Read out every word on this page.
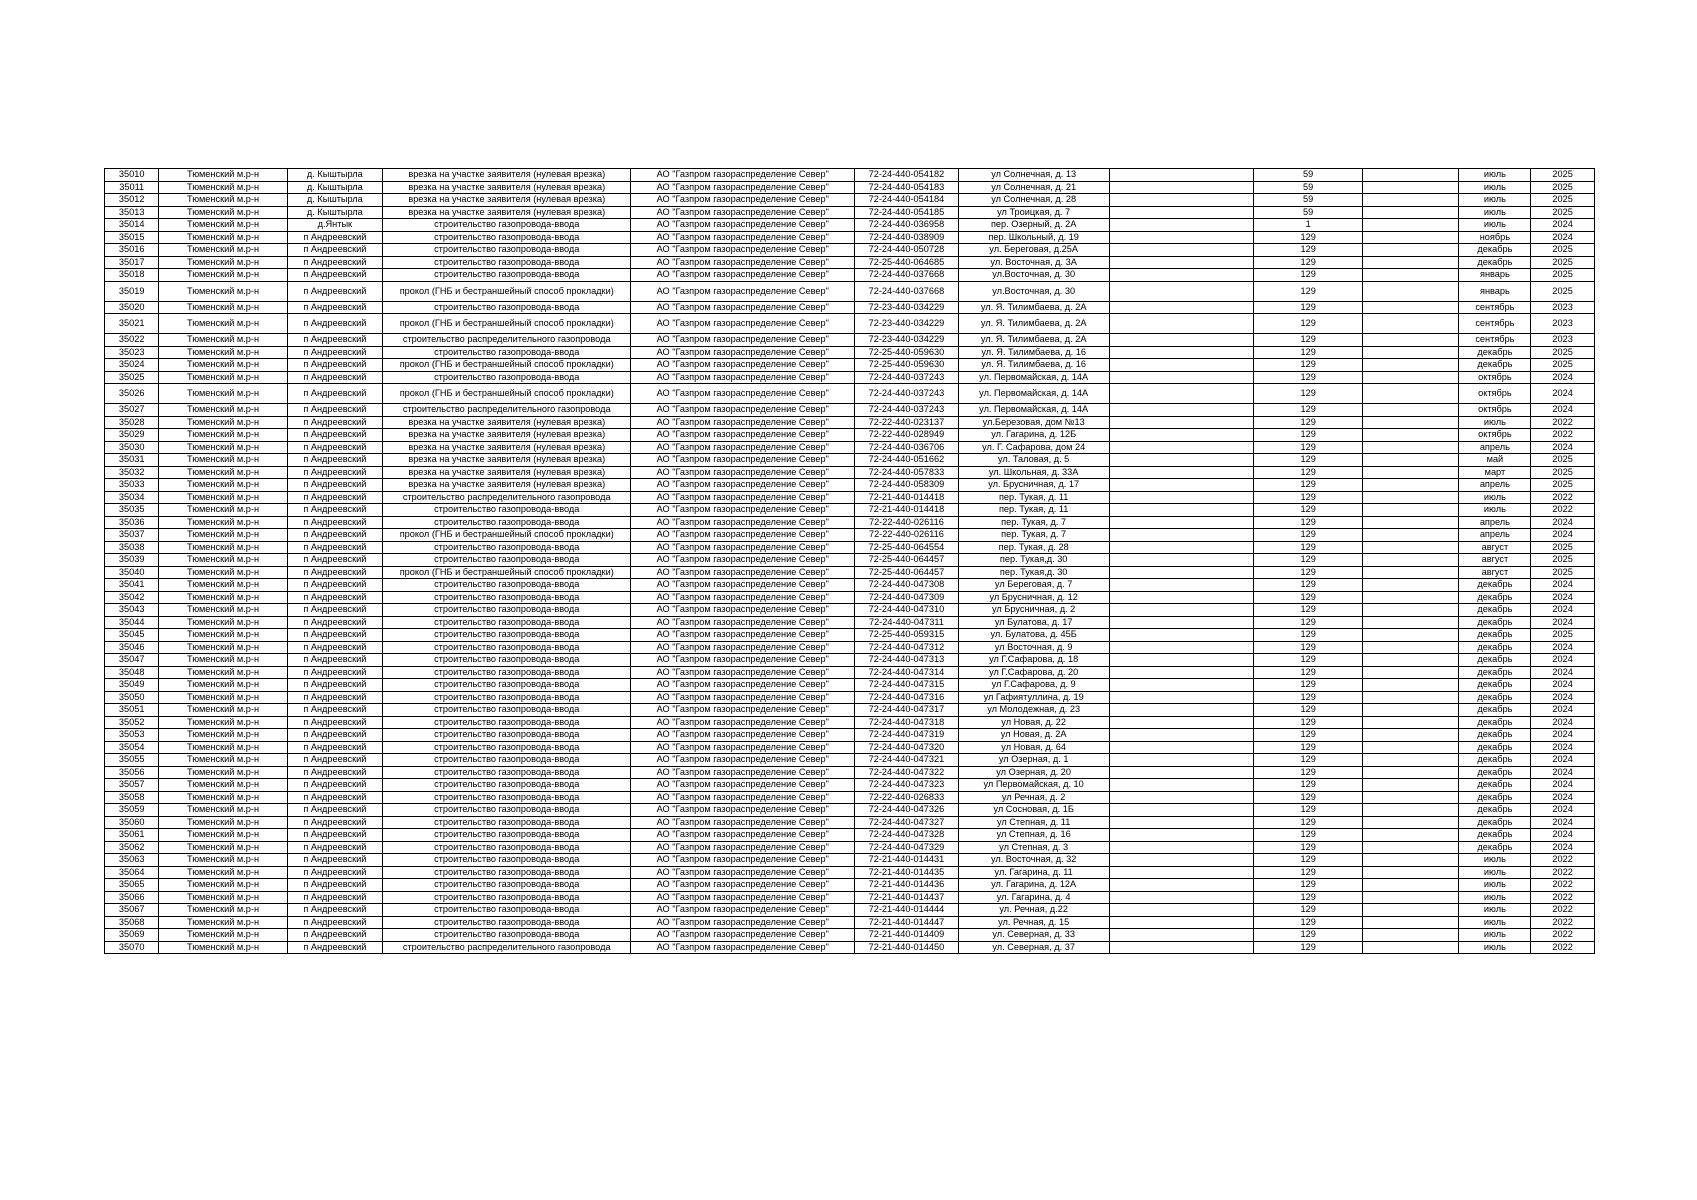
35010	Тюменский м.р-н	д. Кыштырла	врезка на участке заявителя (нулевая врезка)	АО "Газпром газораспределение Север"	72-24-440-054182	ул Солнечная, д. 13		59		июль	2025
35011	Тюменский м.р-н	д. Кыштырла	врезка на участке заявителя (нулевая врезка)	АО "Газпром газораспределение Север"	72-24-440-054183	ул Солнечная, д. 21		59		июль	2025
35012	Тюменский м.р-н	д. Кыштырла	врезка на участке заявителя (нулевая врезка)	АО "Газпром газораспределение Север"	72-24-440-054184	ул Солнечная, д. 28		59		июль	2025
35013	Тюменский м.р-н	д. Кыштырла	врезка на участке заявителя (нулевая врезка)	АО "Газпром газораспределение Север"	72-24-440-054185	ул Троицкая, д. 7		59		июль	2025
35014	Тюменский м.р-н	д.Янтык	строительство газопровода-ввода	АО "Газпром газораспределение Север"	72-24-440-036958	пер. Озерный, д. 2А		1		июль	2024
35015	Тюменский м.р-н	п Андреевский	строительство газопровода-ввода	АО "Газпром газораспределение Север"	72-24-440-038909	пер. Школьный, д. 19		129		ноябрь	2024
35016	Тюменский м.р-н	п Андреевский	строительство газопровода-ввода	АО "Газпром газораспределение Север"	72-24-440-050728	ул. Береговая, д.25А		129		декабрь	2025
35017	Тюменский м.р-н	п Андреевский	строительство газопровода-ввода	АО "Газпром газораспределение Север"	72-25-440-064685	ул. Восточная, д. 3А		129		декабрь	2025
35018	Тюменский м.р-н	п Андреевский	строительство газопровода-ввода	АО "Газпром газораспределение Север"	72-24-440-037668	ул.Восточная, д. 30		129		январь	2025
35019	Тюменский м.р-н	п Андреевский	прокол (ГНБ и бестраншейный способ прокладки)	АО "Газпром газораспределение Север"	72-24-440-037668	ул.Восточная, д. 30		129		январь	2025
35020	Тюменский м.р-н	п Андреевский	строительство газопровода-ввода	АО "Газпром газораспределение Север"	72-23-440-034229	ул. Я. Тилимбаева, д. 2А		129		сентябрь	2023
35021	Тюменский м.р-н	п Андреевский	прокол (ГНБ и бестраншейный способ прокладки)	АО "Газпром газораспределение Север"	72-23-440-034229	ул. Я. Тилимбаева, д. 2А		129		сентябрь	2023
35022	Тюменский м.р-н	п Андреевский	строительство распределительного газопровода	АО "Газпром газораспределение Север"	72-23-440-034229	ул. Я. Тилимбаева, д. 2А		129		сентябрь	2023
35023	Тюменский м.р-н	п Андреевский	строительство газопровода-ввода	АО "Газпром газораспределение Север"	72-25-440-059630	ул. Я. Тилимбаева, д. 16		129		декабрь	2025
35024	Тюменский м.р-н	п Андреевский	прокол (ГНБ и бестраншейный способ прокладки)	АО "Газпром газораспределение Север"	72-25-440-059630	ул. Я. Тилимбаева, д. 16		129		декабрь	2025
35025	Тюменский м.р-н	п Андреевский	строительство газопровода-ввода	АО "Газпром газораспределение Север"	72-24-440-037243	ул. Первомайская, д. 14А		129		октябрь	2024
35026	Тюменский м.р-н	п Андреевский	прокол (ГНБ и бестраншейный способ прокладки)	АО "Газпром газораспределение Север"	72-24-440-037243	ул. Первомайская, д. 14А		129		октябрь	2024
35027	Тюменский м.р-н	п Андреевский	строительство распределительного газопровода	АО "Газпром газораспределение Север"	72-24-440-037243	ул. Первомайская, д. 14А		129		октябрь	2024
35028	Тюменский м.р-н	п Андреевский	врезка на участке заявителя (нулевая врезка)	АО "Газпром газораспределение Север"	72-22-440-023137	ул.Березовая, дом №13		129		июль	2022
35029	Тюменский м.р-н	п Андреевский	врезка на участке заявителя (нулевая врезка)	АО "Газпром газораспределение Север"	72-22-440-028949	ул. Гагарина, д. 12Б		129		октябрь	2022
35030	Тюменский м.р-н	п Андреевский	врезка на участке заявителя (нулевая врезка)	АО "Газпром газораспределение Север"	72-24-440-036706	ул. Г. Сафарова, дом 24		129		апрель	2024
35031	Тюменский м.р-н	п Андреевский	врезка на участке заявителя (нулевая врезка)	АО "Газпром газораспределение Север"	72-24-440-051662	ул. Таловая, д. 5		129		май	2025
35032	Тюменский м.р-н	п Андреевский	врезка на участке заявителя (нулевая врезка)	АО "Газпром газораспределение Север"	72-24-440-057833	ул. Школьная, д. 33А		129		март	2025
35033	Тюменский м.р-н	п Андреевский	врезка на участке заявителя (нулевая врезка)	АО "Газпром газораспределение Север"	72-24-440-058309	ул. Брусничная, д. 17		129		апрель	2025
35034	Тюменский м.р-н	п Андреевский	строительство распределительного газопровода	АО "Газпром газораспределение Север"	72-21-440-014418	пер. Тукая, д. 11		129		июль	2022
35035	Тюменский м.р-н	п Андреевский	строительство газопровода-ввода	АО "Газпром газораспределение Север"	72-21-440-014418	пер. Тукая, д. 11		129		июль	2022
35036	Тюменский м.р-н	п Андреевский	строительство газопровода-ввода	АО "Газпром газораспределение Север"	72-22-440-026116	пер. Тукая, д. 7		129		апрель	2024
35037	Тюменский м.р-н	п Андреевский	прокол (ГНБ и бестраншейный способ прокладки)	АО "Газпром газораспределение Север"	72-22-440-026116	пер. Тукая, д. 7		129		апрель	2024
35038	Тюменский м.р-н	п Андреевский	строительство газопровода-ввода	АО "Газпром газораспределение Север"	72-25-440-064554	пер. Тукая, д. 28		129		август	2025
35039	Тюменский м.р-н	п Андреевский	строительство газопровода-ввода	АО "Газпром газораспределение Север"	72-25-440-064457	пер. Тукая,д. 30		129		август	2025
35040	Тюменский м.р-н	п Андреевский	прокол (ГНБ и бестраншейный способ прокладки)	АО "Газпром газораспределение Север"	72-25-440-064457	пер. Тукая,д. 30		129		август	2025
35041	Тюменский м.р-н	п Андреевский	строительство газопровода-ввода	АО "Газпром газораспределение Север"	72-24-440-047308	ул Береговая, д. 7		129		декабрь	2024
35042	Тюменский м.р-н	п Андреевский	строительство газопровода-ввода	АО "Газпром газораспределение Север"	72-24-440-047309	ул Брусничная, д. 12		129		декабрь	2024
35043	Тюменский м.р-н	п Андреевский	строительство газопровода-ввода	АО "Газпром газораспределение Север"	72-24-440-047310	ул Брусничная, д. 2		129		декабрь	2024
35044	Тюменский м.р-н	п Андреевский	строительство газопровода-ввода	АО "Газпром газораспределение Север"	72-24-440-047311	ул Булатова, д. 17		129		декабрь	2024
35045	Тюменский м.р-н	п Андреевский	строительство газопровода-ввода	АО "Газпром газораспределение Север"	72-25-440-059315	ул. Булатова, д. 45Б		129		декабрь	2025
35046	Тюменский м.р-н	п Андреевский	строительство газопровода-ввода	АО "Газпром газораспределение Север"	72-24-440-047312	ул Восточная, д. 9		129		декабрь	2024
35047	Тюменский м.р-н	п Андреевский	строительство газопровода-ввода	АО "Газпром газораспределение Север"	72-24-440-047313	ул Г.Сафарова, д. 18		129		декабрь	2024
35048	Тюменский м.р-н	п Андреевский	строительство газопровода-ввода	АО "Газпром газораспределение Север"	72-24-440-047314	ул Г.Сафарова, д. 20		129		декабрь	2024
35049	Тюменский м.р-н	п Андреевский	строительство газопровода-ввода	АО "Газпром газораспределение Север"	72-24-440-047315	ул Г.Сафарова, д. 9		129		декабрь	2024
35050	Тюменский м.р-н	п Андреевский	строительство газопровода-ввода	АО "Газпром газораспределение Север"	72-24-440-047316	ул Гафиятуллина, д. 19		129		декабрь	2024
35051	Тюменский м.р-н	п Андреевский	строительство газопровода-ввода	АО "Газпром газораспределение Север"	72-24-440-047317	ул Молодежная, д. 23		129		декабрь	2024
35052	Тюменский м.р-н	п Андреевский	строительство газопровода-ввода	АО "Газпром газораспределение Север"	72-24-440-047318	ул Новая, д. 22		129		декабрь	2024
35053	Тюменский м.р-н	п Андреевский	строительство газопровода-ввода	АО "Газпром газораспределение Север"	72-24-440-047319	ул Новая, д. 2А		129		декабрь	2024
35054	Тюменский м.р-н	п Андреевский	строительство газопровода-ввода	АО "Газпром газораспределение Север"	72-24-440-047320	ул Новая, д. 64		129		декабрь	2024
35055	Тюменский м.р-н	п Андреевский	строительство газопровода-ввода	АО "Газпром газораспределение Север"	72-24-440-047321	ул Озерная, д. 1		129		декабрь	2024
35056	Тюменский м.р-н	п Андреевский	строительство газопровода-ввода	АО "Газпром газораспределение Север"	72-24-440-047322	ул Озерная, д. 20		129		декабрь	2024
35057	Тюменский м.р-н	п Андреевский	строительство газопровода-ввода	АО "Газпром газораспределение Север"	72-24-440-047323	ул Первомайская, д. 10		129		декабрь	2024
35058	Тюменский м.р-н	п Андреевский	строительство газопровода-ввода	АО "Газпром газораспределение Север"	72-22-440-026833	ул Речная, д. 2		129		декабрь	2024
35059	Тюменский м.р-н	п Андреевский	строительство газопровода-ввода	АО "Газпром газораспределение Север"	72-24-440-047326	ул Сосновая, д. 1Б		129		декабрь	2024
35060	Тюменский м.р-н	п Андреевский	строительство газопровода-ввода	АО "Газпром газораспределение Север"	72-24-440-047327	ул Степная, д. 11		129		декабрь	2024
35061	Тюменский м.р-н	п Андреевский	строительство газопровода-ввода	АО "Газпром газораспределение Север"	72-24-440-047328	ул Степная, д. 16		129		декабрь	2024
35062	Тюменский м.р-н	п Андреевский	строительство газопровода-ввода	АО "Газпром газораспределение Север"	72-24-440-047329	ул Степная, д. 3		129		декабрь	2024
35063	Тюменский м.р-н	п Андреевский	строительство газопровода-ввода	АО "Газпром газораспределение Север"	72-21-440-014431	ул. Восточная, д. 32		129		июль	2022
35064	Тюменский м.р-н	п Андреевский	строительство газопровода-ввода	АО "Газпром газораспределение Север"	72-21-440-014435	ул. Гагарина, д. 11		129		июль	2022
35065	Тюменский м.р-н	п Андреевский	строительство газопровода-ввода	АО "Газпром газораспределение Север"	72-21-440-014436	ул. Гагарина, д. 12А		129		июль	2022
35066	Тюменский м.р-н	п Андреевский	строительство газопровода-ввода	АО "Газпром газораспределение Север"	72-21-440-014437	ул. Гагарина, д. 4		129		июль	2022
35067	Тюменский м.р-н	п Андреевский	строительство газопровода-ввода	АО "Газпром газораспределение Север"	72-21-440-014444	ул. Речная, д.22		129		июль	2022
35068	Тюменский м.р-н	п Андреевский	строительство газопровода-ввода	АО "Газпром газораспределение Север"	72-21-440-014447	ул. Речная, д. 15		129		июль	2022
35069	Тюменский м.р-н	п Андреевский	строительство газопровода-ввода	АО "Газпром газораспределение Север"	72-21-440-014409	ул. Северная, д. 33		129		июль	2022
35070	Тюменский м.р-н	п Андреевский	строительство распределительного газопровода	АО "Газпром газораспределение Север"	72-21-440-014450	ул. Северная, д. 37		129		июль	2022
